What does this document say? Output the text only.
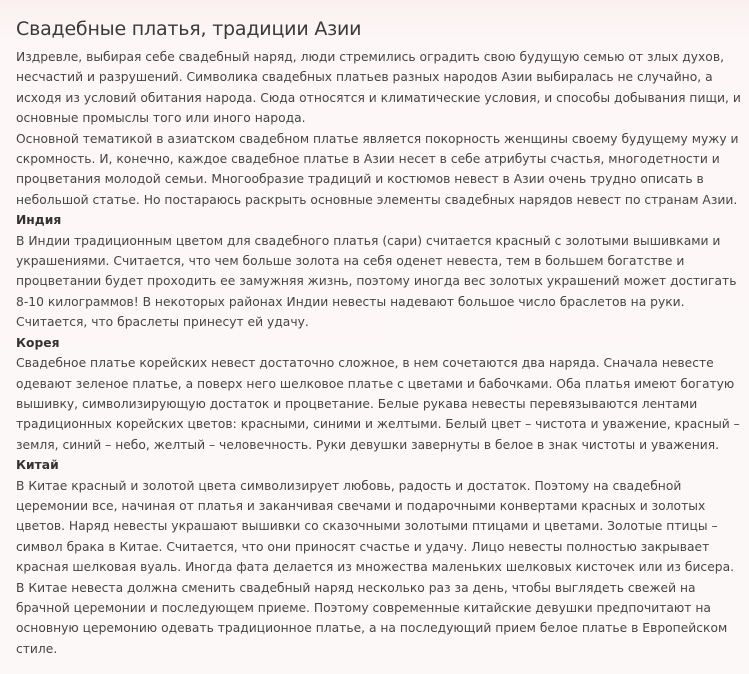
Свадебные платья, традиции Азии

Издревле, выбирая себе свадебный наряд, люди стремились оградить свою будущую семью от злых духов, несчастий и разрушений. Символика свадебных платьев разных народов Азии выбиралась не случайно, а исходя из условий обитания народа. Сюда относятся и климатические условия, и способы добывания пищи, и основные промыслы того или иного народа.

Основной тематикой в азиатском свадебном платье является покорность женщины своему будущему мужу и скромность. И, конечно, каждое свадебное платье в Азии несет в себе атрибуты счастья, многодетности и процветания молодой семьи. Многообразие традиций и костюмов невест в Азии очень трудно описать в небольшой статье. Но постараюсь раскрыть основные элементы свадебных нарядов невест по странам Азии.

Индия

В Индии традиционным цветом для свадебного платья (сари) считается красный с золотыми вышивками и украшениями. Считается, что чем больше золота на себя оденет невеста, тем в большем богатстве и процветании будет проходить ее замужняя жизнь, поэтому иногда вес золотых украшений может достигать 8-10 килограммов! В некоторых районах Индии невесты надевают большое число браслетов на руки. Считается, что браслеты принесут ей удачу.

Корея

Свадебное платье корейских невест достаточно сложное, в нем сочетаются два наряда. Сначала невесте одевают зеленое платье, а поверх него шелковое платье с цветами и бабочками. Оба платья имеют богатую вышивку, символизирующую достаток и процветание. Белые рукава невесты перевязываются лентами традиционных корейских цветов: красными, синими и желтыми. Белый цвет – чистота и уважение, красный – земля, синий – небо, желтый – человечность. Руки девушки завернуты в белое в знак чистоты и уважения.

Китай

В Китае красный и золотой цвета символизирует любовь, радость и достаток. Поэтому на свадебной церемонии все, начиная от платья и заканчивая свечами и подарочными конвертами красных и золотых цветов. Наряд невесты украшают вышивки со сказочными золотыми птицами и цветами. Золотые птицы – символ брака в Китае. Считается, что они приносят счастье и удачу. Лицо невесты полностью закрывает красная шелковая вуаль. Иногда фата делается из множества маленьких шелковых кисточек или из бисера.

В Китае невеста должна сменить свадебный наряд несколько раз за день, чтобы выглядеть свежей на брачной церемонии и последующем приеме. Поэтому современные китайские девушки предпочитают на основную церемонию одевать традиционное платье, а на последующий прием белое платье в Европейском стиле.
